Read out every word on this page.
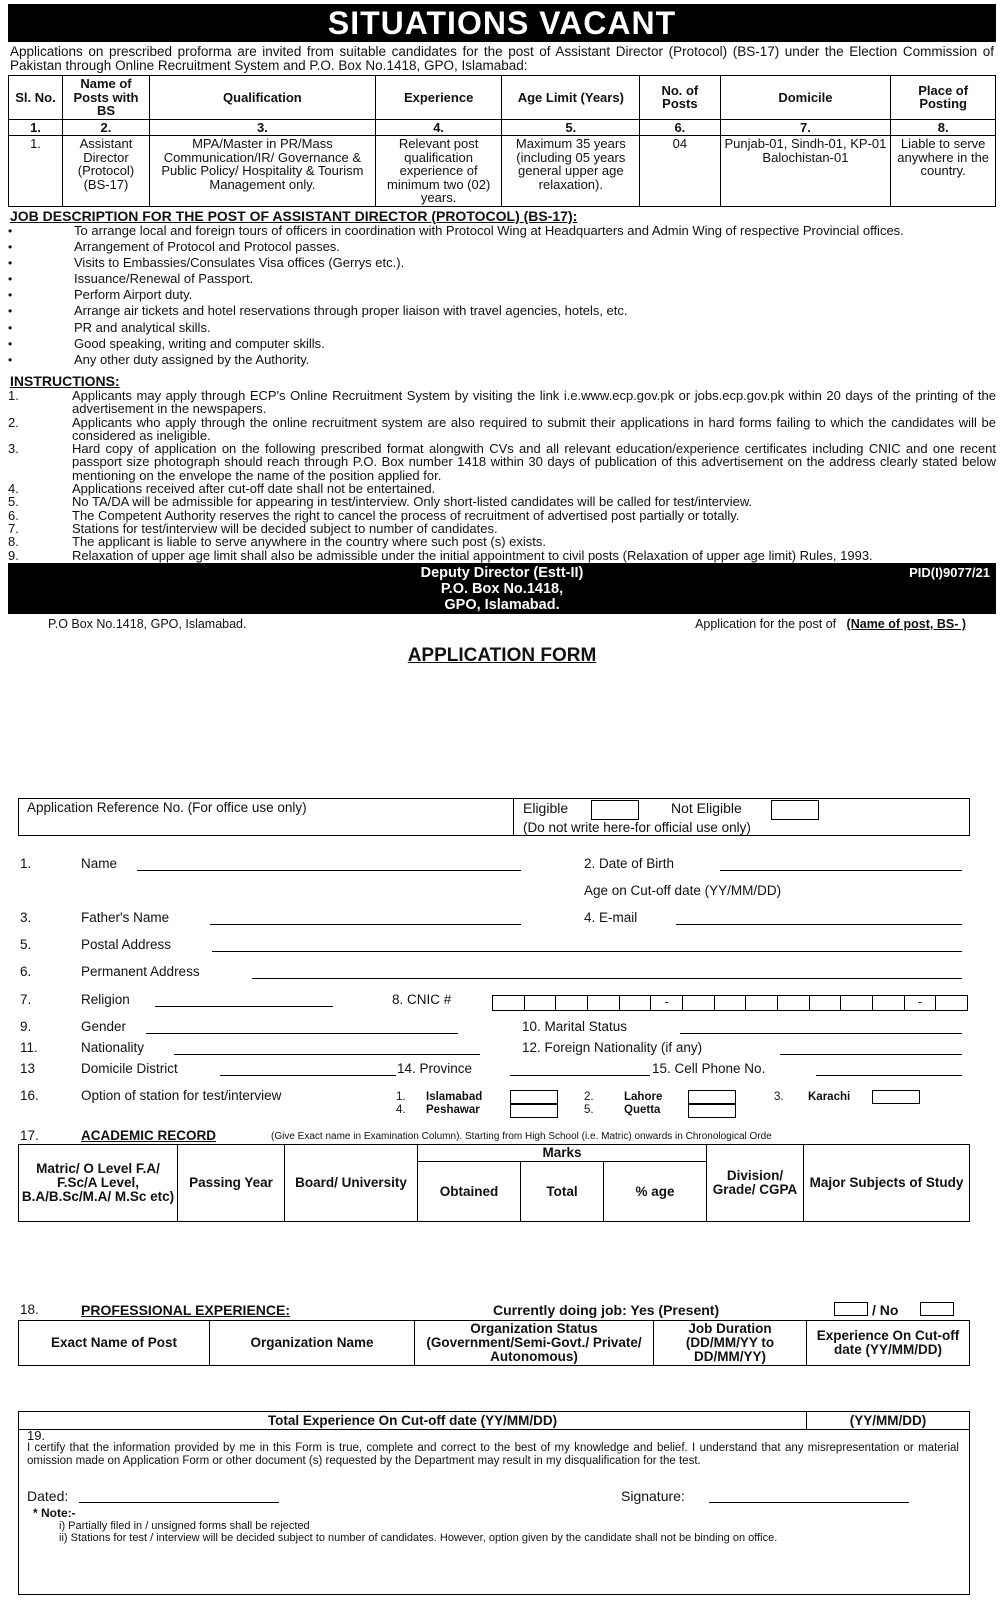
SITUATIONS VACANT
Applications on prescribed proforma are invited from suitable candidates for the post of Assistant Director (Protocol) (BS-17) under the Election Commission of Pakistan through Online Recruitment System and P.O. Box No.1418, GPO, Islamabad:
Sl. No.	Name of Posts with BS	Qualification	Experience	Age Limit (Years)	No. of Posts	Domicile	Place of Posting
1.	2.	3.	4.	5.	6.	7.	8.
1.	Assistant Director (Protocol) (BS-17)	MPA/Master in PR/Mass Communication/IR/ Governance & Public Policy/ Hospitality & Tourism Management only.	Relevant post qualification experience of minimum two (02) years.	Maximum 35 years (including 05 years general upper age relaxation).	04	Punjab-01, Sindh-01, KP-01 Balochistan-01	Liable to serve anywhere in the country.
JOB DESCRIPTION FOR THE POST OF ASSISTANT DIRECTOR (PROTOCOL) (BS-17):
• To arrange local and foreign tours of officers in coordination with Protocol Wing at Headquarters and Admin Wing of respective Provincial offices.
• Arrangement of Protocol and Protocol passes.
• Visits to Embassies/Consulates Visa offices (Gerrys etc.).
• Issuance/Renewal of Passport.
• Perform Airport duty.
• Arrange air tickets and hotel reservations through proper liaison with travel agencies, hotels, etc.
• PR and analytical skills.
• Good speaking, writing and computer skills.
• Any other duty assigned by the Authority.
INSTRUCTIONS:
1.	Applicants may apply through ECP's Online Recruitment System by visiting the link i.e.www.ecp.gov.pk or jobs.ecp.gov.pk within 20 days of the printing of the advertisement in the newspapers.
2.	Applicants who apply through the online recruitment system are also required to submit their applications in hard forms failing to which the candidates will be considered as ineligible.
3.	Hard copy of application on the following prescribed format alongwith CVs and all relevant education/experience certificates including CNIC and one recent passport size photograph should reach through P.O. Box number 1418 within 30 days of publication of this advertisement on the address clearly stated below mentioning on the envelope the name of the position applied for.
4.	Applications received after cut-off date shall not be entertained.
5.	No TA/DA will be admissible for appearing in test/interview. Only short-listed candidates will be called for test/interview.
6.	The Competent Authority reserves the right to cancel the process of recruitment of advertised post partially or totally.
7.	Stations for test/interview will be decided subject to number of candidates.
8.	The applicant is liable to serve anywhere in the country where such post (s) exists.
9.	Relaxation of upper age limit shall also be admissible under the initial appointment to civil posts (Relaxation of upper age limit) Rules, 1993.
Deputy Director (Estt-II)
P.O. Box No.1418,
GPO, Islamabad.
PID(I)9077/21
P.O Box No.1418, GPO, Islamabad.	Application for the post of (Name of post, BS- )
APPLICATION FORM
Application Reference No. (For office use only)	Eligible	Not Eligible
(Do not write here-for official use only)
1.	Name	2. Date of Birth
Age on Cut-off date (YY/MM/DD)
3.	Father's Name	4. E-mail
5.	Postal Address
6.	Permanent Address
7.	Religion	8. CNIC #	-	-
9.	Gender	10. Marital Status
11.	Nationality	12. Foreign Nationality (if any)
13	Domicile District	14. Province	15. Cell Phone No.
16.	Option of station for test/interview	1. Islamabad	2.	Lahore	3. Karachi
4. Peshawar	5.	Quetta
17.	ACADEMIC RECORD	(Give Exact name in Examination Column). Starting from High School (i.e. Matric) onwards in Chronological Orde
Matric/ O Level F.A/ F.Sc/A Level, B.A/B.Sc/M.A/ M.Sc etc)	Passing Year	Board/ University	Marks			Division/ Grade/ CGPA	Major Subjects of Study
			Obtained	Total	% age		

18.	PROFESSIONAL EXPERIENCE:	Currently doing job: Yes (Present)	/ No
Exact Name of Post	Organization Name	Organization Status (Government/Semi-Govt./ Private/ Autonomous)	Job Duration (DD/MM/YY to DD/MM/YY)	Experience On Cut-off date (YY/MM/DD)

Total Experience On Cut-off date (YY/MM/DD)				(YY/MM/DD)
19.
I certify that the information provided by me in this Form is true, complete and correct to the best of my knowledge and belief. I understand that any misrepresentation or material omission made on Application Form or other document (s) requested by the Department may result in my disqualification for the test.
Dated:	Signature:
* Note:-
i) Partially filed in / unsigned forms shall be rejected
ii) Stations for test / interview will be decided subject to number of candidates. However, option given by the candidate shall not be binding on office.
